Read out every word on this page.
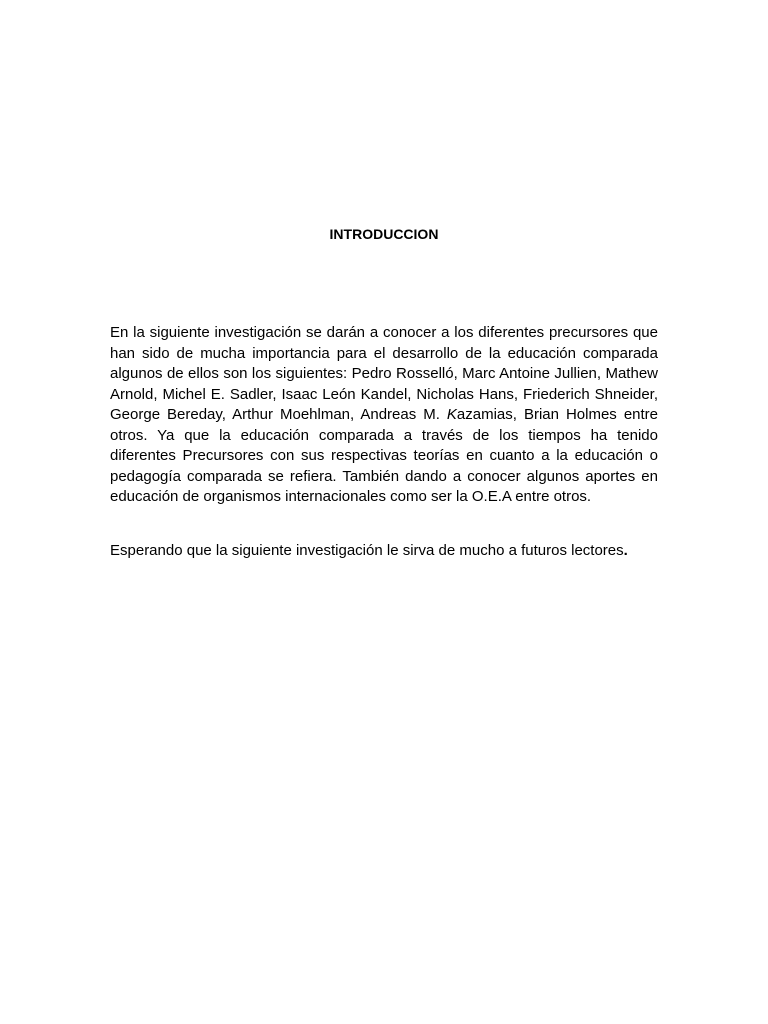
INTRODUCCION

En la siguiente investigación se darán a conocer a los diferentes precursores que han sido de mucha importancia para el desarrollo de la educación comparada algunos de ellos son los siguientes: Pedro Rosselló, Marc Antoine Jullien, Mathew Arnold, Michel E. Sadler, Isaac León Kandel, Nicholas Hans, Friederich Shneider, George Bereday, Arthur Moehlman, Andreas M. Kazamias, Brian Holmes entre otros. Ya que la educación comparada a través de los tiempos ha tenido diferentes Precursores con sus respectivas teorías en cuanto a la educación o pedagogía comparada se refiera. También dando a conocer algunos aportes en educación de organismos internacionales como ser la O.E.A entre otros.

Esperando que la siguiente investigación le sirva de mucho a futuros lectores.
